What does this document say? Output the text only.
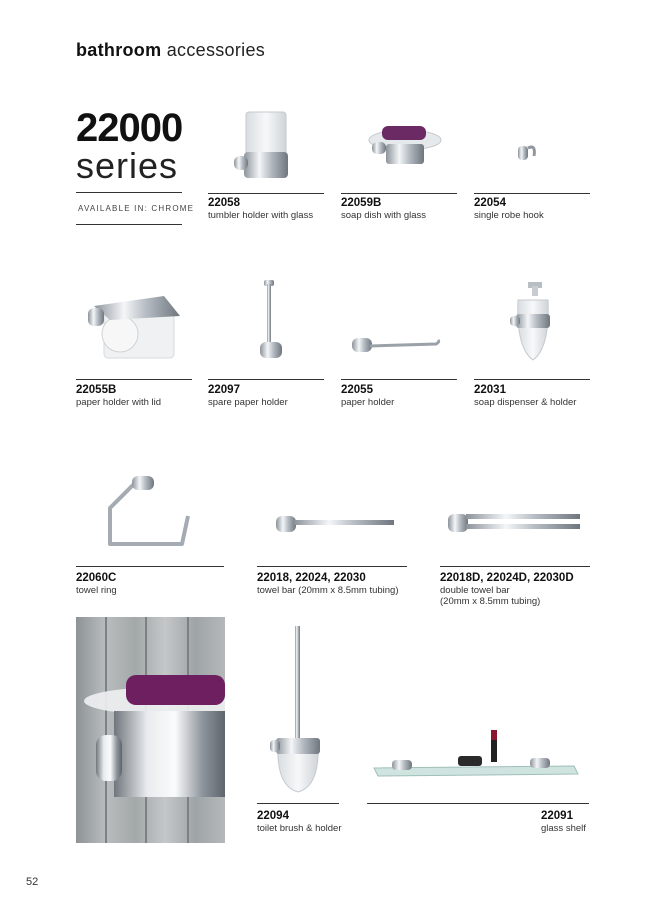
bathroom accessories
22000
series
AVAILABLE IN: CHROME 22058
tumbler holder with glass
22059B
soap dish with glass
22054
single robe hook
22055B
paper holder with lid
22097
spare paper holder
22055
paper holder
22031
soap dispenser & holder
22060C
towel ring
22018, 22024, 22030
towel bar (20mm x 8.5mm tubing)
22018D, 22024D, 22030D
double towel bar
(20mm x 8.5mm tubing)
22094
toilet brush & holder
22091
glass shelf
52
